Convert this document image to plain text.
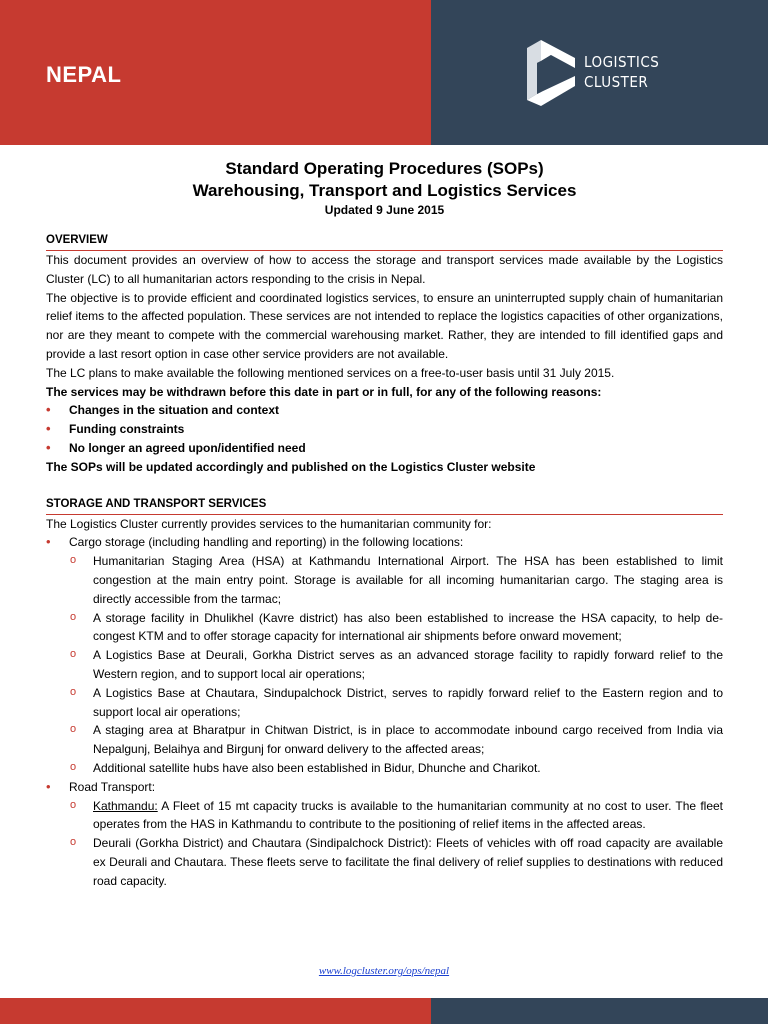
NEPAL	LOGISTICS
CLUSTER
Standard Operating Procedures (SOPs)
Warehousing, Transport and Logistics Services
Updated 9 June 2015
OVERVIEW

This document provides an overview of how to access the storage and transport services made available by the Logistics Cluster (LC) to all humanitarian actors responding to the crisis in Nepal.

The objective is to provide efficient and coordinated logistics services, to ensure an uninterrupted supply chain of humanitarian relief items to the affected population. These services are not intended to replace the logistics capacities of other organizations, nor are they meant to compete with the commercial warehousing market. Rather, they are intended to fill identified gaps and provide a last resort option in case other service providers are not available.

The LC plans to make available the following mentioned services on a free-to-user basis until 31 July 2015.

The services may be withdrawn before this date in part or in full, for any of the following reasons:

• Changes in the situation and context
• Funding constraints
• No longer an agreed upon/identified need

The SOPs will be updated accordingly and published on the Logistics Cluster website

STORAGE AND TRANSPORT SERVICES

The Logistics Cluster currently provides services to the humanitarian community for:

• Cargo storage (including handling and reporting) in the following locations:
o Humanitarian Staging Area (HSA) at Kathmandu International Airport. The HSA has been established to limit congestion at the main entry point. Storage is available for all incoming humanitarian cargo. The staging area is directly accessible from the tarmac;
o A storage facility in Dhulikhel (Kavre district) has also been established to increase the HSA capacity, to help de-congest KTM and to offer storage capacity for international air shipments before onward movement;
o A Logistics Base at Deurali, Gorkha District serves as an advanced storage facility to rapidly forward relief to the Western region, and to support local air operations;
o A Logistics Base at Chautara, Sindupalchock District, serves to rapidly forward relief to the Eastern region and to support local air operations;
o A staging area at Bharatpur in Chitwan District, is in place to accommodate inbound cargo received from India via Nepalgunj, Belaihya and Birgunj for onward delivery to the affected areas;
o Additional satellite hubs have also been established in Bidur, Dhunche and Charikot.
• Road Transport:
o Kathmandu: A Fleet of 15 mt capacity trucks is available to the humanitarian community at no cost to user. The fleet operates from the HAS in Kathmandu to contribute to the positioning of relief items in the affected areas.
o Deurali (Gorkha District) and Chautara (Sindipalchock District): Fleets of vehicles with off road capacity are available ex Deurali and Chautara. These fleets serve to facilitate the final delivery of relief supplies to destinations with reduced road capacity.
www.logcluster.org/ops/nepal
